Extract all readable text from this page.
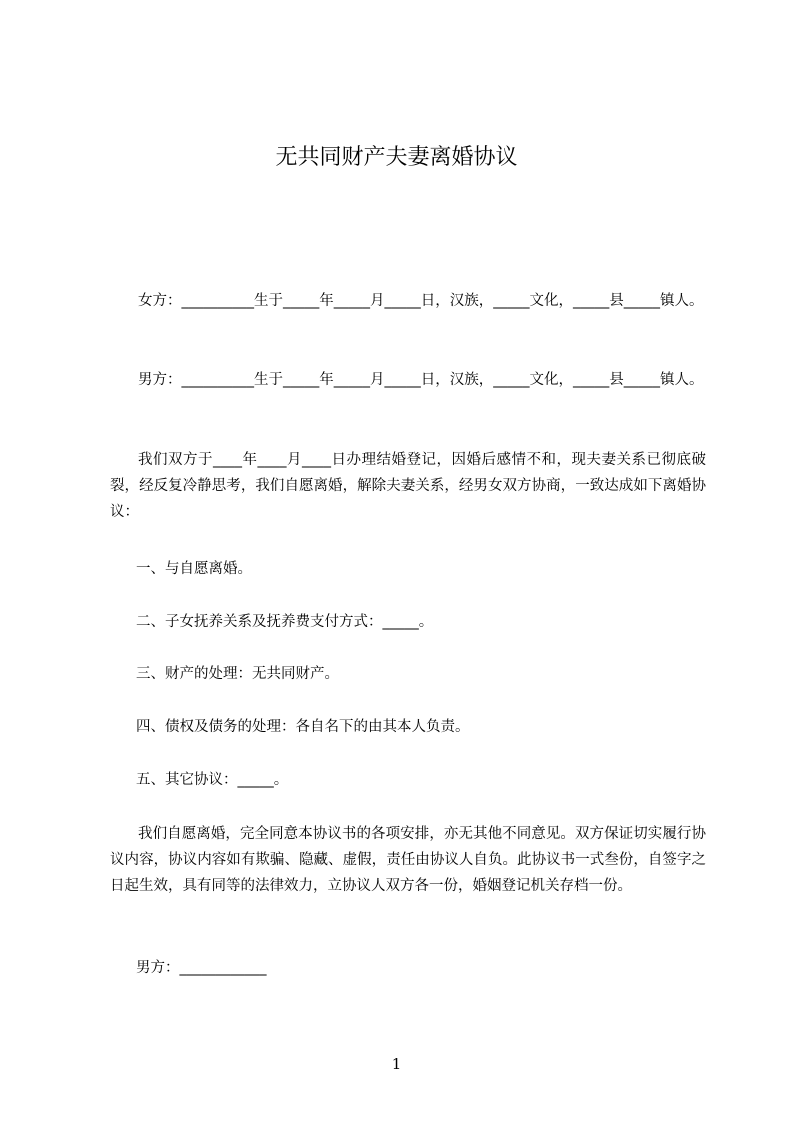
无共同财产夫妻离婚协议

女方：__________生于_____年_____月_____日，汉族，_____文化，_____县_____镇人。

男方：__________生于_____年_____月_____日，汉族，_____文化，_____县_____镇人。

我们双方于____年____月____日办理结婚登记，因婚后感情不和，现夫妻关系已彻底破裂，经反复冷静思考，我们自愿离婚，解除夫妻关系，经男女双方协商，一致达成如下离婚协议：

一、与自愿离婚。

二、子女抚养关系及抚养费支付方式：_____。

三、财产的处理：无共同财产。

四、债权及债务的处理：各自名下的由其本人负责。

五、其它协议：_____。

我们自愿离婚，完全同意本协议书的各项安排，亦无其他不同意见。双方保证切实履行协议内容，协议内容如有欺骗、隐藏、虚假，责任由协议人自负。此协议书一式叁份，自签字之日起生效，具有同等的法律效力，立协议人双方各一份，婚姻登记机关存档一份。

男方：____________

1
